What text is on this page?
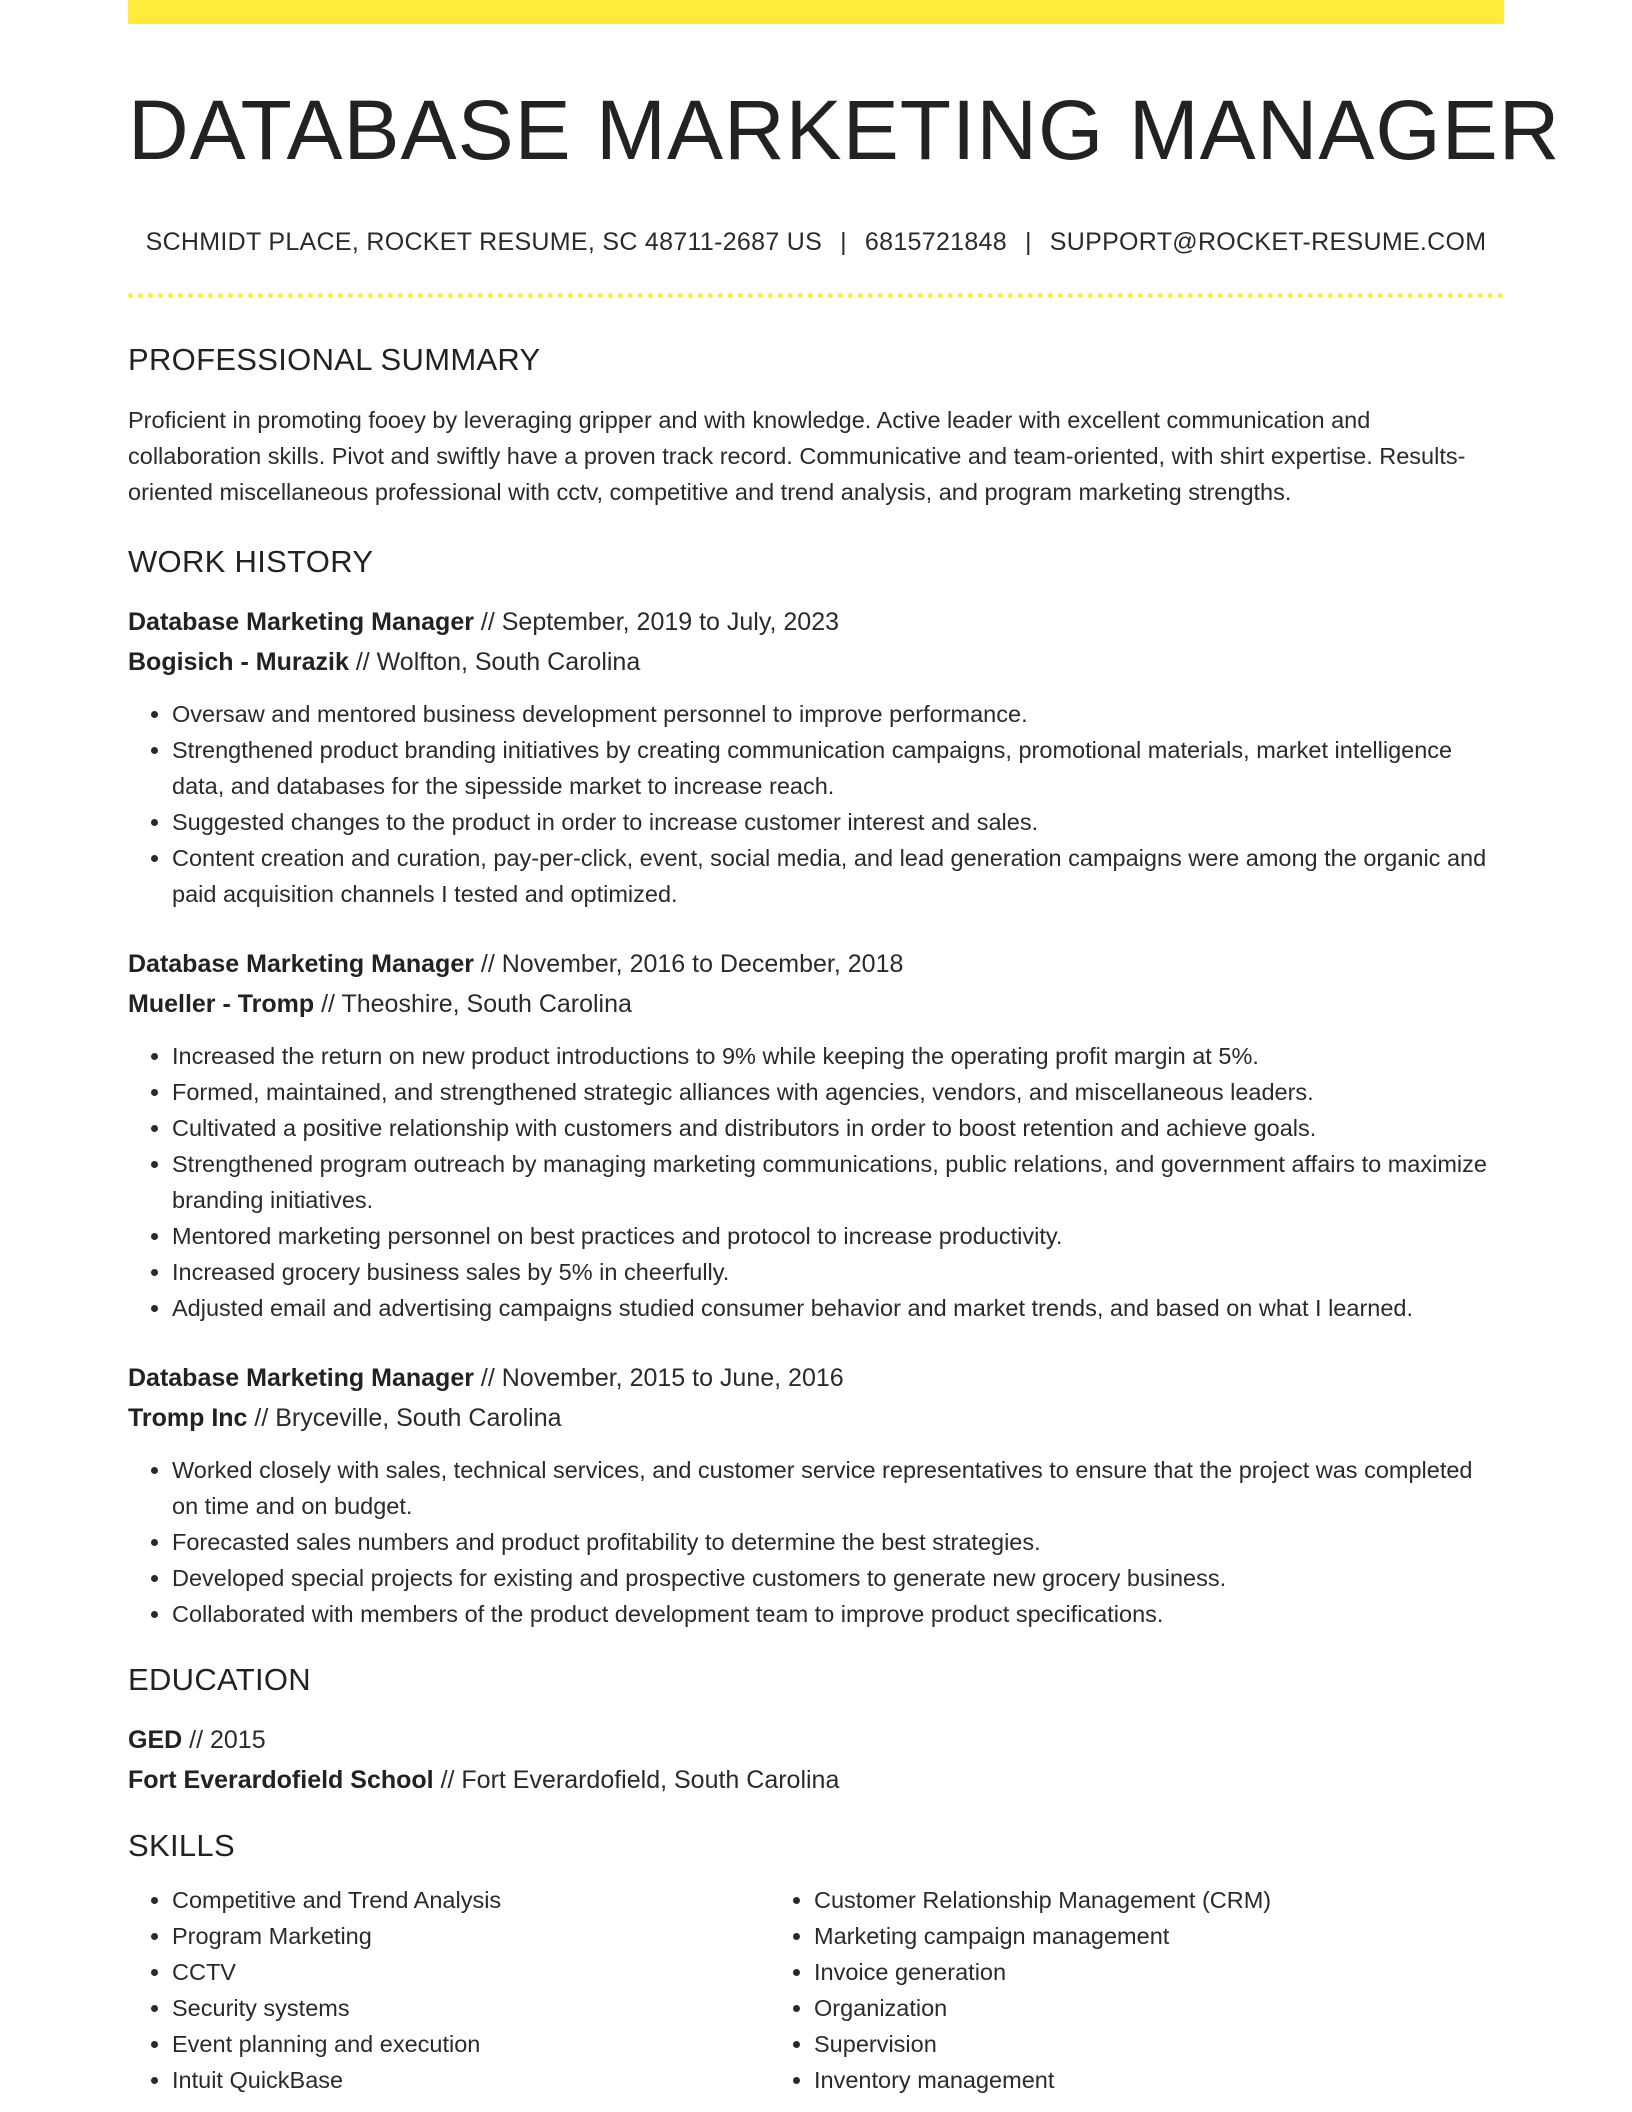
DATABASE MARKETING MANAGER
SCHMIDT PLACE, ROCKET RESUME, SC 48711-2687 US | 6815721848 | SUPPORT@ROCKET-RESUME.COM
PROFESSIONAL SUMMARY
Proficient in promoting fooey by leveraging gripper and with knowledge. Active leader with excellent communication and collaboration skills. Pivot and swiftly have a proven track record. Communicative and team-oriented, with shirt expertise. Results-oriented miscellaneous professional with cctv, competitive and trend analysis, and program marketing strengths.
WORK HISTORY
Database Marketing Manager // September, 2019 to July, 2023
Bogisich - Murazik // Wolfton, South Carolina
• Oversaw and mentored business development personnel to improve performance.
• Strengthened product branding initiatives by creating communication campaigns, promotional materials, market intelligence data, and databases for the sipesside market to increase reach.
• Suggested changes to the product in order to increase customer interest and sales.
• Content creation and curation, pay-per-click, event, social media, and lead generation campaigns were among the organic and paid acquisition channels I tested and optimized.
Database Marketing Manager // November, 2016 to December, 2018
Mueller - Tromp // Theoshire, South Carolina
• Increased the return on new product introductions to 9% while keeping the operating profit margin at 5%.
• Formed, maintained, and strengthened strategic alliances with agencies, vendors, and miscellaneous leaders.
• Cultivated a positive relationship with customers and distributors in order to boost retention and achieve goals.
• Strengthened program outreach by managing marketing communications, public relations, and government affairs to maximize branding initiatives.
• Mentored marketing personnel on best practices and protocol to increase productivity.
• Increased grocery business sales by 5% in cheerfully.
• Adjusted email and advertising campaigns studied consumer behavior and market trends, and based on what I learned.
Database Marketing Manager // November, 2015 to June, 2016
Tromp Inc // Bryceville, South Carolina
• Worked closely with sales, technical services, and customer service representatives to ensure that the project was completed on time and on budget.
• Forecasted sales numbers and product profitability to determine the best strategies.
• Developed special projects for existing and prospective customers to generate new grocery business.
• Collaborated with members of the product development team to improve product specifications.
EDUCATION
GED // 2015
Fort Everardofield School // Fort Everardofield, South Carolina
SKILLS
• Competitive and Trend Analysis
• Program Marketing
• CCTV
• Security systems
• Event planning and execution
• Intuit QuickBase
• Customer Relationship Management (CRM)
• Marketing campaign management
• Invoice generation
• Organization
• Supervision
• Inventory management
